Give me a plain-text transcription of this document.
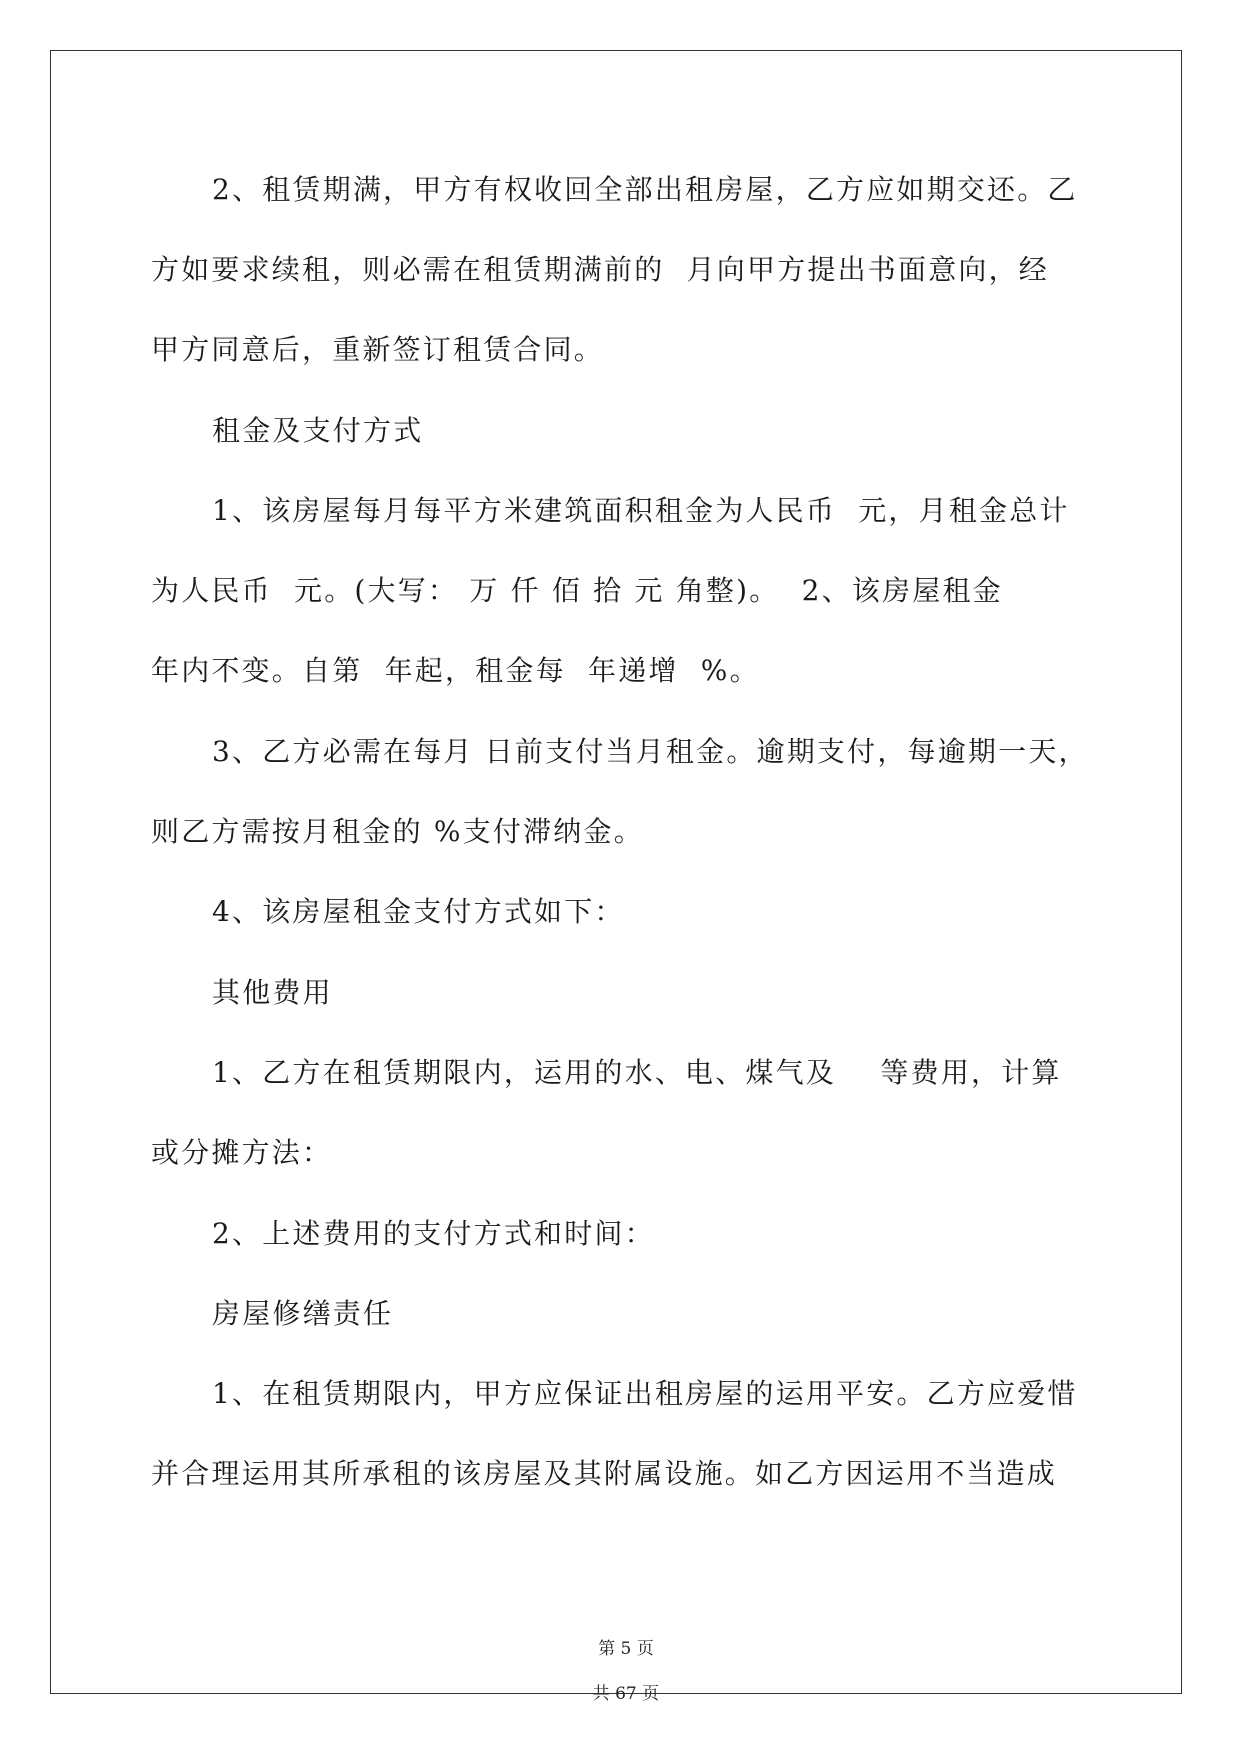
2、租赁期满，甲方有权收回全部出租房屋，乙方应如期交还。乙
方如要求续租，则必需在租赁期满前的  月向甲方提出书面意向，经
甲方同意后，重新签订租赁合同。
租金及支付方式
1、该房屋每月每平方米建筑面积租金为人民币  元，月租金总计
为人民币  元。(大写： 万 仟 佰 拾 元 角整)。  2、该房屋租金
年内不变。自第  年起，租金每  年递增  %。
3、乙方必需在每月 日前支付当月租金。逾期支付，每逾期一天，
则乙方需按月租金的 %支付滞纳金。
4、该房屋租金支付方式如下：
其他费用
1、乙方在租赁期限内，运用的水、电、煤气及    等费用，计算
或分摊方法：
2、上述费用的支付方式和时间：
房屋修缮责任
1、在租赁期限内，甲方应保证出租房屋的运用平安。乙方应爱惜
并合理运用其所承租的该房屋及其附属设施。如乙方因运用不当造成

第 5 页

共 67 页
